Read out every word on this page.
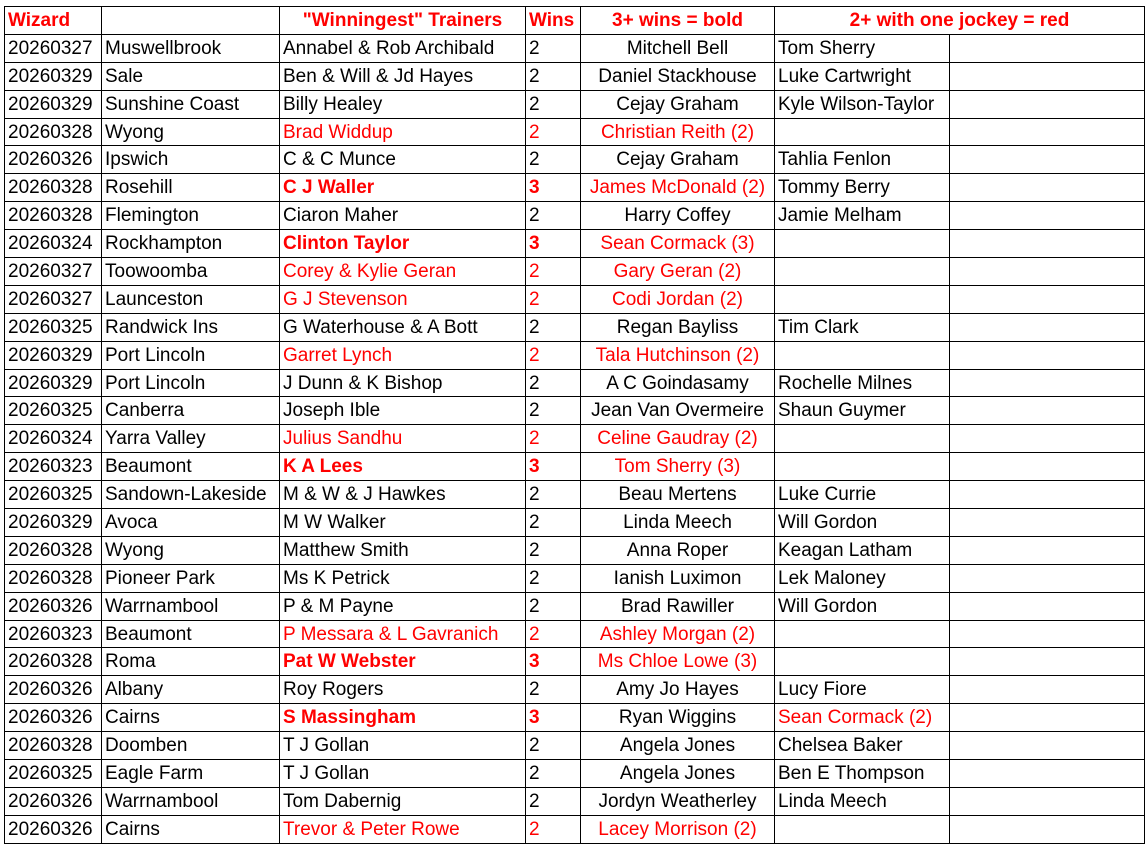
Wizard		"Winningest" Trainers	Wins	3+ wins = bold	2+ with one jockey = red	
20260327	Muswellbrook	Annabel & Rob Archibald	2	Mitchell Bell	Tom Sherry	
20260329	Sale	Ben & Will & Jd Hayes	2	Daniel Stackhouse	Luke Cartwright	
20260329	Sunshine Coast	Billy Healey	2	Cejay Graham	Kyle Wilson-Taylor	
20260328	Wyong	Brad Widdup	2	Christian Reith (2)		
20260326	Ipswich	C & C Munce	2	Cejay Graham	Tahlia Fenlon	
20260328	Rosehill	C J Waller	3	James McDonald (2)	Tommy Berry	
20260328	Flemington	Ciaron Maher	2	Harry Coffey	Jamie Melham	
20260324	Rockhampton	Clinton Taylor	3	Sean Cormack (3)		
20260327	Toowoomba	Corey & Kylie Geran	2	Gary Geran (2)		
20260327	Launceston	G J Stevenson	2	Codi Jordan (2)		
20260325	Randwick Ins	G Waterhouse & A Bott	2	Regan Bayliss	Tim Clark	
20260329	Port Lincoln	Garret Lynch	2	Tala Hutchinson (2)		
20260329	Port Lincoln	J Dunn & K Bishop	2	A C Goindasamy	Rochelle Milnes	
20260325	Canberra	Joseph Ible	2	Jean Van Overmeire	Shaun Guymer	
20260324	Yarra Valley	Julius Sandhu	2	Celine Gaudray (2)		
20260323	Beaumont	K A Lees	3	Tom Sherry (3)		
20260325	Sandown-Lakeside	M & W & J Hawkes	2	Beau Mertens	Luke Currie	
20260329	Avoca	M W Walker	2	Linda Meech	Will Gordon	
20260328	Wyong	Matthew Smith	2	Anna Roper	Keagan Latham	
20260328	Pioneer Park	Ms K Petrick	2	Ianish Luximon	Lek Maloney	
20260326	Warrnambool	P & M Payne	2	Brad Rawiller	Will Gordon	
20260323	Beaumont	P Messara & L Gavranich	2	Ashley Morgan (2)		
20260328	Roma	Pat W Webster	3	Ms Chloe Lowe (3)		
20260326	Albany	Roy Rogers	2	Amy Jo Hayes	Lucy Fiore	
20260326	Cairns	S Massingham	3	Ryan Wiggins	Sean Cormack (2)	
20260328	Doomben	T J Gollan	2	Angela Jones	Chelsea Baker	
20260325	Eagle Farm	T J Gollan	2	Angela Jones	Ben E Thompson	
20260326	Warrnambool	Tom Dabernig	2	Jordyn Weatherley	Linda Meech	
20260326	Cairns	Trevor & Peter Rowe	2	Lacey Morrison (2)		
